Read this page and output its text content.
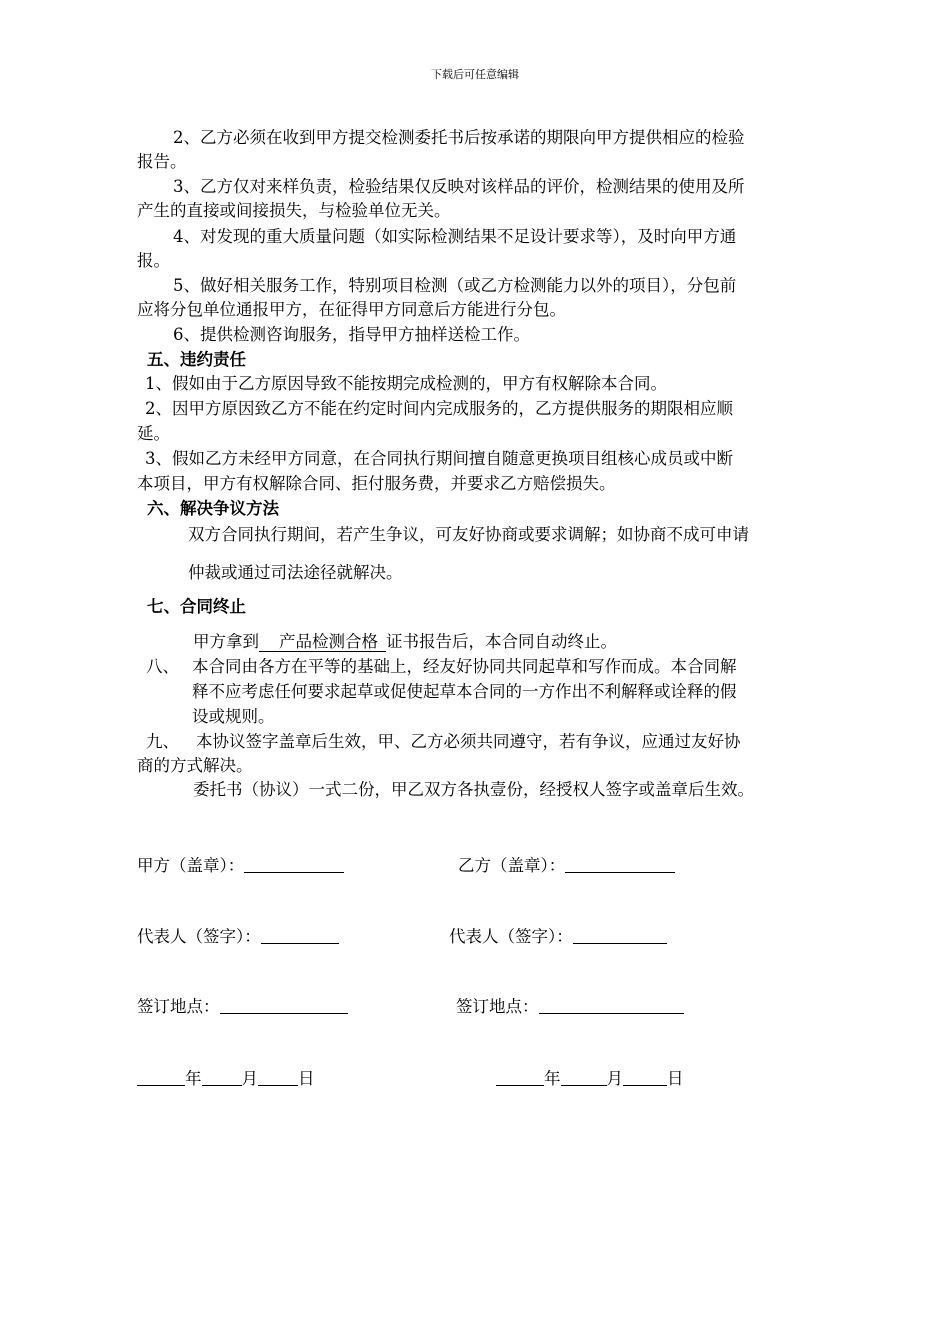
下载后可任意编辑
2、乙方必须在收到甲方提交检测委托书后按承诺的期限向甲方提供相应的检验
报告。
3、乙方仅对来样负责，检验结果仅反映对该样品的评价，检测结果的使用及所
产生的直接或间接损失，与检验单位无关。
4、对发现的重大质量问题（如实际检测结果不足设计要求等），及时向甲方通
报。
5、做好相关服务工作，特别项目检测（或乙方检测能力以外的项目），分包前
应将分包单位通报甲方，在征得甲方同意后方能进行分包。
6、提供检测咨询服务，指导甲方抽样送检工作。
五、违约责任
1、假如由于乙方原因导致不能按期完成检测的，甲方有权解除本合同。
2、因甲方原因致乙方不能在约定时间内完成服务的，乙方提供服务的期限相应顺
延。
3、假如乙方未经甲方同意，在合同执行期间擅自随意更换项目组核心成员或中断
本项目，甲方有权解除合同、拒付服务费，并要求乙方赔偿损失。
六、解决争议方法
双方合同执行期间，若产生争议，可友好协商或要求调解；如协商不成可申请
仲裁或通过司法途径就解决。
七、合同终止
甲方拿到 产品检测合格 证书报告后，本合同自动终止。
八、 本合同由各方在平等的基础上，经友好协同共同起草和写作而成。本合同解
释不应考虑任何要求起草或促使起草本合同的一方作出不利解释或诠释的假
设或规则。
九、 本协议签字盖章后生效，甲、乙方必须共同遵守，若有争议，应通过友好协
商的方式解决。
委托书（协议）一式二份，甲乙双方各执壹份，经授权人签字或盖章后生效。
甲方（盖章）：	乙方（盖章）：
代表人（签字）：	代表人（签字）：
签订地点：	签订地点：
年 月 日	年	月	日
